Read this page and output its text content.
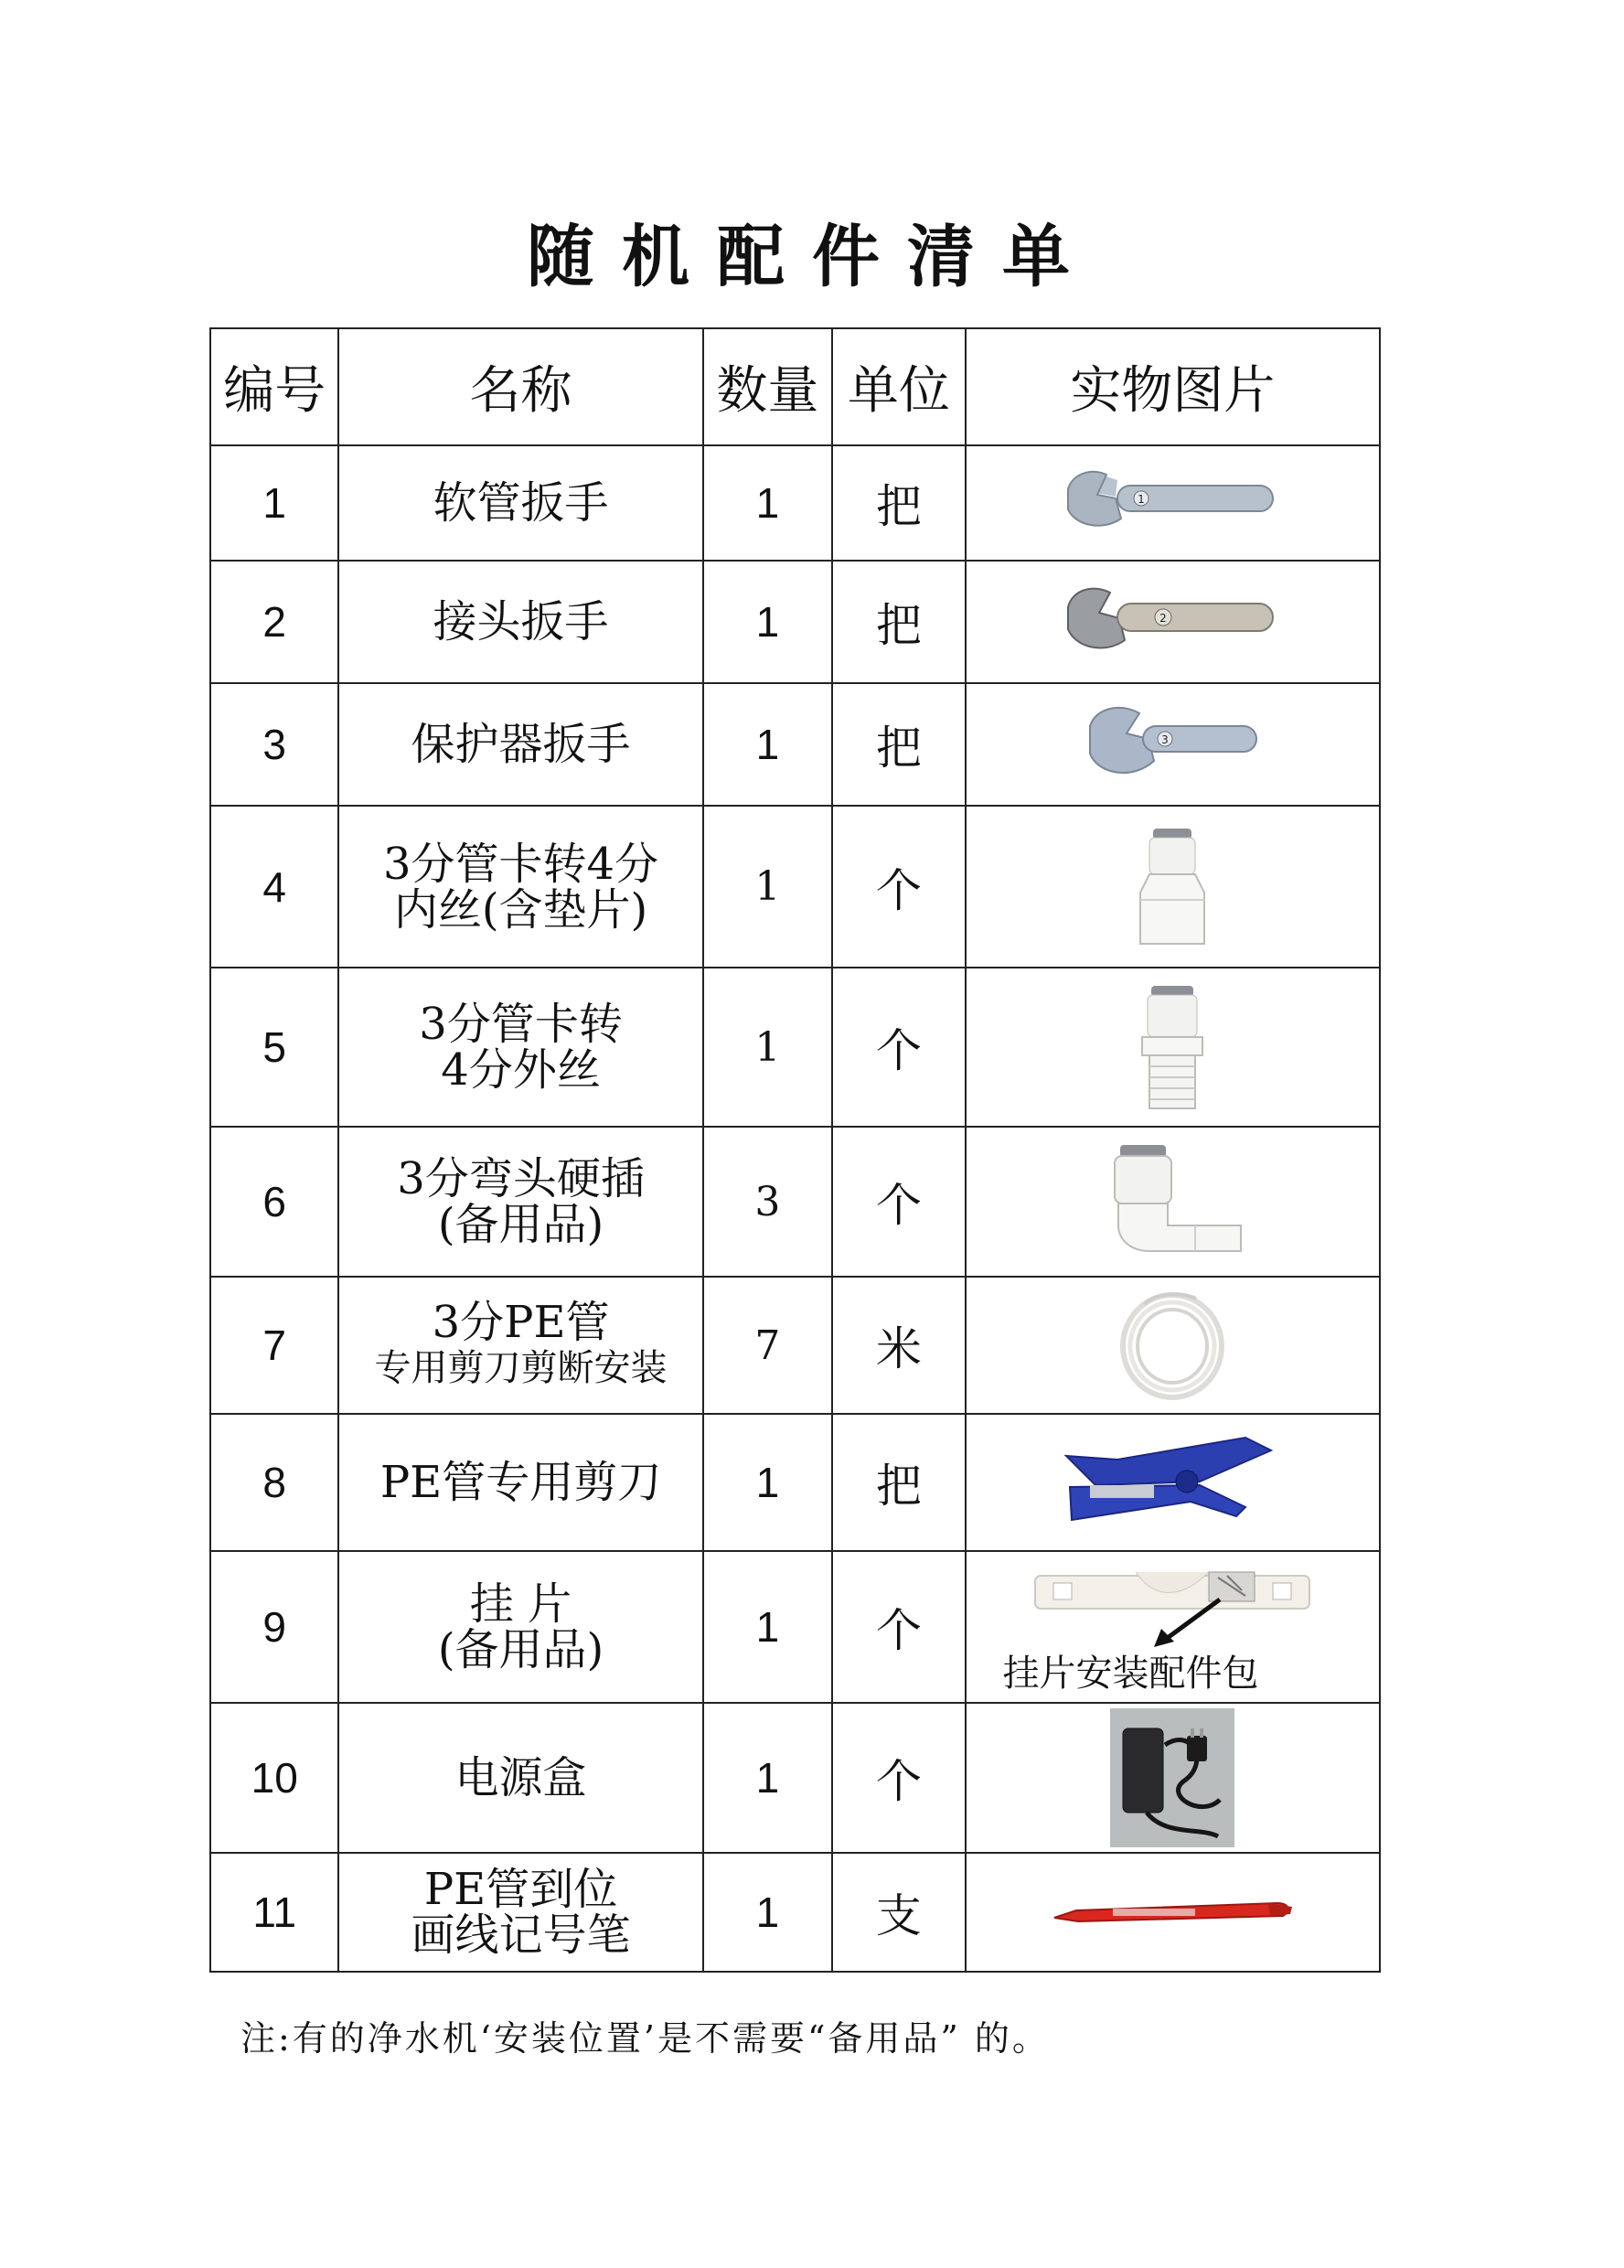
随机配件清单
编号	名称	数量	单位	实物图片
1	软管扳手	1	把	1

2	接头扳手	1	把	2

3	保护器扳手	1	把	3

4	3分管卡转4分
内丝(含垫片)	1	个	

5	3分管卡转
4分外丝	1	个	

6	3分弯头硬插
(备用品)	3	个	

7	3分PE管
专用剪刀剪断安装	7	米	

8	PE管专用剪刀	1	把	

9	挂 片
(备用品)	1	个	挂片安装配件包

10	电源盒	1	个	

11	PE管到位
画线记号笔	1	支	
注:有的净水机‘安装位置’是不需要“备用品” 的。
